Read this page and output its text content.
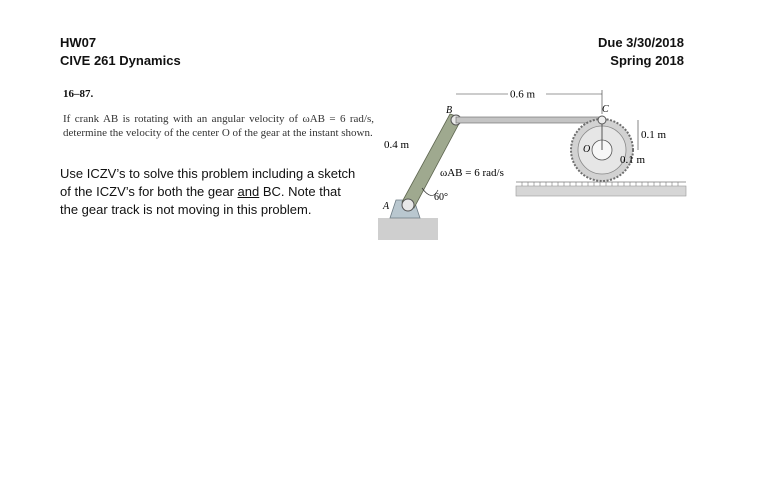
HW07
CIVE 261 Dynamics
Due 3/30/2018
Spring 2018
16–87.
If crank AB is rotating with an angular velocity of ωAB = 6 rad/s, determine the velocity of the center O of the gear at the instant shown.
Use ICZV’s to solve this problem including a sketch of the ICZV’s for both the gear and BC. Note that the gear track is not moving in this problem.
0.6 m
0.4 m
0.1 m
0.1 m
ωAB = 6 rad/s
60°
A
B	C
O
